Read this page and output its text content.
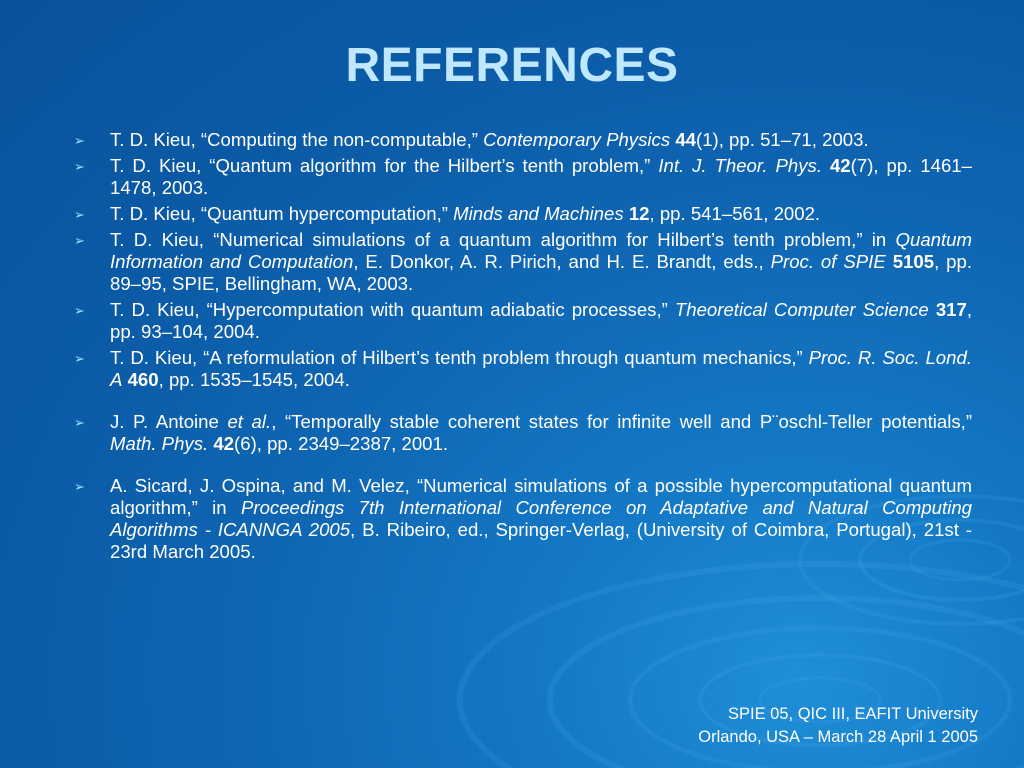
REFERENCES
➢ T. D. Kieu, “Computing the non-computable,” Contemporary Physics 44(1), pp. 51–71, 2003.
➢ T. D. Kieu, “Quantum algorithm for the Hilbert’s tenth problem,” Int. J. Theor. Phys. 42(7), pp. 1461–1478, 2003.
➢ T. D. Kieu, “Quantum hypercomputation,” Minds and Machines 12, pp. 541–561, 2002.
➢ T. D. Kieu, “Numerical simulations of a quantum algorithm for Hilbert’s tenth problem,” in Quantum Information and Computation, E. Donkor, A. R. Pirich, and H. E. Brandt, eds., Proc. of SPIE 5105, pp. 89–95, SPIE, Bellingham, WA, 2003.
➢ T. D. Kieu, “Hypercomputation with quantum adiabatic processes,” Theoretical Computer Science 317, pp. 93–104, 2004.
➢ T. D. Kieu, “A reformulation of Hilbert’s tenth problem through quantum mechanics,” Proc. R. Soc. Lond. A 460, pp. 1535–1545, 2004.
➢ J. P. Antoine et al., “Temporally stable coherent states for infinite well and P¨oschl-Teller potentials,” Math. Phys. 42(6), pp. 2349–2387, 2001.
➢ A. Sicard, J. Ospina, and M. Velez, “Numerical simulations of a possible hypercomputational quantum algorithm,” in Proceedings 7th International Conference on Adaptative and Natural Computing Algorithms - ICANNGA 2005, B. Ribeiro, ed., Springer-Verlag, (University of Coimbra, Portugal), 21st - 23rd March 2005.
SPIE 05, QIC III, EAFIT University
Orlando, USA – March 28 April 1 2005
